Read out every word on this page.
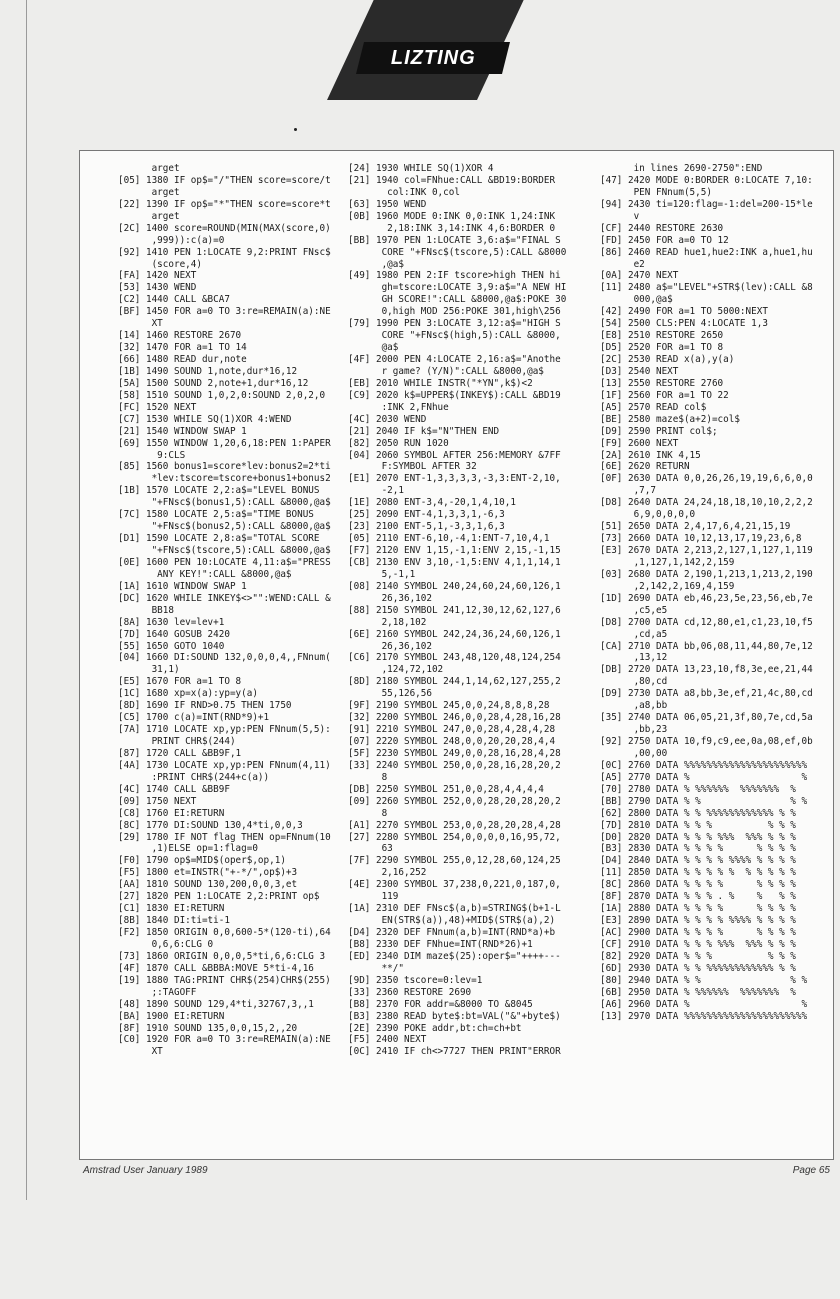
LIZTING
arget
[05] 1380 IF op$="/"THEN score=score/t
arget
[22] 1390 IF op$="*"THEN score=score*t
arget
[2C] 1400 score=ROUND(MIN(MAX(score,0)
,999)):c(a)=0
[92] 1410 PEN 1:LOCATE 9,2:PRINT FNsc$
(score,4)
[FA] 1420 NEXT
[53] 1430 WEND
[C2] 1440 CALL &BCA7
[BF] 1450 FOR a=0 TO 3:re=REMAIN(a):NE
XT
[14] 1460 RESTORE 2670
[32] 1470 FOR a=1 TO 14
[66] 1480 READ dur,note
[1B] 1490 SOUND 1,note,dur*16,12
[5A] 1500 SOUND 2,note+1,dur*16,12
[58] 1510 SOUND 1,0,2,0:SOUND 2,0,2,0
[FC] 1520 NEXT
[C7] 1530 WHILE SQ(1)XOR 4:WEND
[21] 1540 WINDOW SWAP 1
[69] 1550 WINDOW 1,20,6,18:PEN 1:PAPER
9:CLS
[85] 1560 bonus1=score*lev:bonus2=2*ti
*lev:tscore=tscore+bonus1+bonus2
[1B] 1570 LOCATE 2,2:a$="LEVEL BONUS
"+FNsc$(bonus1,5):CALL &8000,@a$
[7C] 1580 LOCATE 2,5:a$="TIME BONUS
"+FNsc$(bonus2,5):CALL &8000,@a$
[D1] 1590 LOCATE 2,8:a$="TOTAL SCORE
"+FNsc$(tscore,5):CALL &8000,@a$
[0E] 1600 PEN 10:LOCATE 4,11:a$="PRESS
ANY KEY!":CALL &8000,@a$
[1A] 1610 WINDOW SWAP 1
[DC] 1620 WHILE INKEY$<>"":WEND:CALL &
BB18
[8A] 1630 lev=lev+1
[7D] 1640 GOSUB 2420
[55] 1650 GOTO 1040
[04] 1660 DI:SOUND 132,0,0,0,4,,FNnum(
31,1)
[E5] 1670 FOR a=1 TO 8
[1C] 1680 xp=x(a):yp=y(a)
[8D] 1690 IF RND>0.75 THEN 1750
[C5] 1700 c(a)=INT(RND*9)+1
[7A] 1710 LOCATE xp,yp:PEN FNnum(5,5):
PRINT CHR$(244)
[87] 1720 CALL &BB9F,1
[4A] 1730 LOCATE xp,yp:PEN FNnum(4,11)
:PRINT CHR$(244+c(a))
[4C] 1740 CALL &BB9F
[09] 1750 NEXT
[C8] 1760 EI:RETURN
[8C] 1770 DI:SOUND 130,4*ti,0,0,3
[29] 1780 IF NOT flag THEN op=FNnum(10
,1)ELSE op=1:flag=0
[F0] 1790 op$=MID$(oper$,op,1)
[F5] 1800 et=INSTR("+-*/",op$)+3
[AA] 1810 SOUND 130,200,0,0,3,et
[27] 1820 PEN 1:LOCATE 2,2:PRINT op$
[C1] 1830 EI:RETURN
[8B] 1840 DI:ti=ti-1
[F2] 1850 ORIGIN 0,0,600-5*(120-ti),64
0,6,6:CLG 0
[73] 1860 ORIGIN 0,0,0,5*ti,6,6:CLG 3
[4F] 1870 CALL &BBBA:MOVE 5*ti-4,16
[19] 1880 TAG:PRINT CHR$(254)CHR$(255)
;:TAGOFF
[48] 1890 SOUND 129,4*ti,32767,3,,1
[BA] 1900 EI:RETURN
[8F] 1910 SOUND 135,0,0,15,2,,20
[C0] 1920 FOR a=0 TO 3:re=REMAIN(a):NE
XT
[24] 1930 WHILE SQ(1)XOR 4
[21] 1940 col=FNhue:CALL &BD19:BORDER
col:INK 0,col
[63] 1950 WEND
[0B] 1960 MODE 0:INK 0,0:INK 1,24:INK
2,18:INK 3,14:INK 4,6:BORDER 0
[BB] 1970 PEN 1:LOCATE 3,6:a$="FINAL S
CORE "+FNsc$(tscore,5):CALL &8000
,@a$
[49] 1980 PEN 2:IF tscore>high THEN hi
gh=tscore:LOCATE 3,9:a$="A NEW HI
GH SCORE!":CALL &8000,@a$:POKE 30
0,high MOD 256:POKE 301,high\256
[79] 1990 PEN 3:LOCATE 3,12:a$="HIGH S
CORE "+FNsc$(high,5):CALL &8000,
@a$
[4F] 2000 PEN 4:LOCATE 2,16:a$="Anothe
r game? (Y/N)":CALL &8000,@a$
[EB] 2010 WHILE INSTR("*YN",k$)<2
[C9] 2020 k$=UPPER$(INKEY$):CALL &BD19
:INK 2,FNhue
[4C] 2030 WEND
[21] 2040 IF k$="N"THEN END
[82] 2050 RUN 1020
[04] 2060 SYMBOL AFTER 256:MEMORY &7FF
F:SYMBOL AFTER 32
[E1] 2070 ENT-1,3,3,3,3,-3,3:ENT-2,10,
-2,1
[1E] 2080 ENT-3,4,-20,1,4,10,1
[25] 2090 ENT-4,1,3,3,1,-6,3
[23] 2100 ENT-5,1,-3,3,1,6,3
[05] 2110 ENT-6,10,-4,1:ENT-7,10,4,1
[F7] 2120 ENV 1,15,-1,1:ENV 2,15,-1,15
[CB] 2130 ENV 3,10,-1,5:ENV 4,1,1,14,1
5,-1,1
[08] 2140 SYMBOL 240,24,60,24,60,126,1
26,36,102
[88] 2150 SYMBOL 241,12,30,12,62,127,6
2,18,102
[6E] 2160 SYMBOL 242,24,36,24,60,126,1
26,36,102
[C6] 2170 SYMBOL 243,48,120,48,124,254
,124,72,102
[8D] 2180 SYMBOL 244,1,14,62,127,255,2
55,126,56
[9F] 2190 SYMBOL 245,0,0,24,8,8,8,28
[32] 2200 SYMBOL 246,0,0,28,4,28,16,28
[91] 2210 SYMBOL 247,0,0,28,4,28,4,28
[07] 2220 SYMBOL 248,0,0,20,20,28,4,4
[5F] 2230 SYMBOL 249,0,0,28,16,28,4,28
[33] 2240 SYMBOL 250,0,0,28,16,28,20,2
8
[DB] 2250 SYMBOL 251,0,0,28,4,4,4,4
[09] 2260 SYMBOL 252,0,0,28,20,28,20,2
8
[A1] 2270 SYMBOL 253,0,0,28,20,28,4,28
[27] 2280 SYMBOL 254,0,0,0,0,16,95,72,
63
[7F] 2290 SYMBOL 255,0,12,28,60,124,25
2,16,252
[4E] 2300 SYMBOL 37,238,0,221,0,187,0,
119
[1A] 2310 DEF FNsc$(a,b)=STRING$(b+1-L
EN(STR$(a)),48)+MID$(STR$(a),2)
[D4] 2320 DEF FNnum(a,b)=INT(RND*a)+b
[B8] 2330 DEF FNhue=INT(RND*26)+1
[ED] 2340 DIM maze$(25):oper$="++++---
**/"
[9D] 2350 tscore=0:lev=1
[33] 2360 RESTORE 2690
[B8] 2370 FOR addr=&8000 TO &8045
[B3] 2380 READ byte$:bt=VAL("&"+byte$)
[2E] 2390 POKE addr,bt:ch=ch+bt
[F5] 2400 NEXT
[0C] 2410 IF ch<>7727 THEN PRINT"ERROR
in lines 2690-2750":END
[47] 2420 MODE 0:BORDER 0:LOCATE 7,10:
PEN FNnum(5,5)
[94] 2430 ti=120:flag=-1:del=200-15*le
v
[CF] 2440 RESTORE 2630
[FD] 2450 FOR a=0 TO 12
[86] 2460 READ hue1,hue2:INK a,hue1,hu
e2
[0A] 2470 NEXT
[11] 2480 a$="LEVEL"+STR$(lev):CALL &8
000,@a$
[42] 2490 FOR a=1 TO 5000:NEXT
[54] 2500 CLS:PEN 4:LOCATE 1,3
[E8] 2510 RESTORE 2650
[D5] 2520 FOR a=1 TO 8
[2C] 2530 READ x(a),y(a)
[D3] 2540 NEXT
[13] 2550 RESTORE 2760
[1F] 2560 FOR a=1 TO 22
[A5] 2570 READ col$
[BE] 2580 maze$(a+2)=col$
[D9] 2590 PRINT col$;
[F9] 2600 NEXT
[2A] 2610 INK 4,15
[6E] 2620 RETURN
[0F] 2630 DATA 0,0,26,26,19,19,6,6,0,0
,7,7
[D8] 2640 DATA 24,24,18,18,10,10,2,2,2
6,9,0,0,0,0
[51] 2650 DATA 2,4,17,6,4,21,15,19
[73] 2660 DATA 10,12,13,17,19,23,6,8
[E3] 2670 DATA 2,213,2,127,1,127,1,119
,1,127,1,142,2,159
[03] 2680 DATA 2,190,1,213,1,213,2,190
,2,142,2,169,4,159
[1D] 2690 DATA eb,46,23,5e,23,56,eb,7e
,c5,e5
[D8] 2700 DATA cd,12,80,e1,c1,23,10,f5
,cd,a5
[CA] 2710 DATA bb,06,08,11,44,80,7e,12
,13,12
[DB] 2720 DATA 13,23,10,f8,3e,ee,21,44
,80,cd
[D9] 2730 DATA a8,bb,3e,ef,21,4c,80,cd
,a8,bb
[35] 2740 DATA 06,05,21,3f,80,7e,cd,5a
,bb,23
[92] 2750 DATA 10,f9,c9,ee,0a,08,ef,0b
,00,00
[0C] 2760 DATA %%%%%%%%%%%%%%%%%%%%%%
[A5] 2770 DATA %                    %
[70] 2780 DATA % %%%%%%  %%%%%%%  %
[BB] 2790 DATA % %                % %
[62] 2800 DATA % % %%%%%%%%%%%% % %
[7D] 2810 DATA % % %          % % %
[D0] 2820 DATA % % % %%%  %%% % % %
[B3] 2830 DATA % % % %      % % % %
[D4] 2840 DATA % % % % %%%% % % % %
[11] 2850 DATA % % % % %  % % % % %
[8C] 2860 DATA % % % %      % % % %
[8F] 2870 DATA % % % . %    %   % %
[1A] 2880 DATA % % % %      % % % %
[E3] 2890 DATA % % % % %%%% % % % %
[AC] 2900 DATA % % % %      % % % %
[CF] 2910 DATA % % % %%%  %%% % % %
[82] 2920 DATA % % %          % % %
[6D] 2930 DATA % % %%%%%%%%%%%% % %
[80] 2940 DATA % %                % %
[6B] 2950 DATA % %%%%%%  %%%%%%%  %
[A6] 2960 DATA %                    %
[13] 2970 DATA %%%%%%%%%%%%%%%%%%%%%%
Amstrad User January 1989	Page 65
